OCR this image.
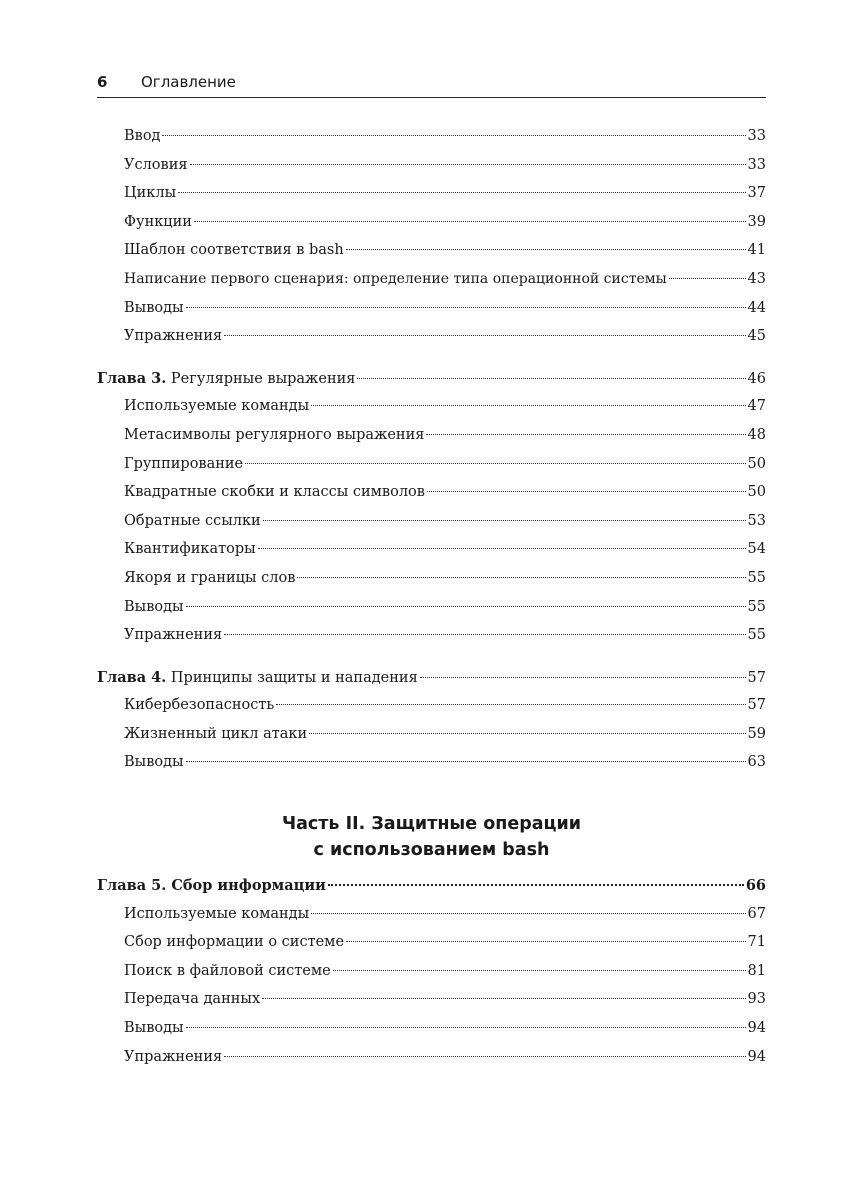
6 Оглавление
Ввод	33
Условия	33
Циклы	37
Функции	39
Шаблон соответствия в bash	41
Написание первого сценария: определение типа операционной системы	43
Выводы	44
Упражнения	45
Глава 3. Регулярные выражения	46
Используемые команды	47
Метасимволы регулярного выражения	48
Группирование	50
Квадратные скобки и классы символов	50
Обратные ссылки	53
Квантификаторы	54
Якоря и границы слов	55
Выводы	55
Упражнения	55
Глава 4. Принципы защиты и нападения	57
Кибербезопасность	57
Жизненный цикл атаки	59
Выводы	63
Часть II. Защитные операции
с использованием bash
Глава 5. Сбор информации	66
Используемые команды	67
Сбор информации о системе	71
Поиск в файловой системе	81
Передача данных	93
Выводы	94
Упражнения	94
